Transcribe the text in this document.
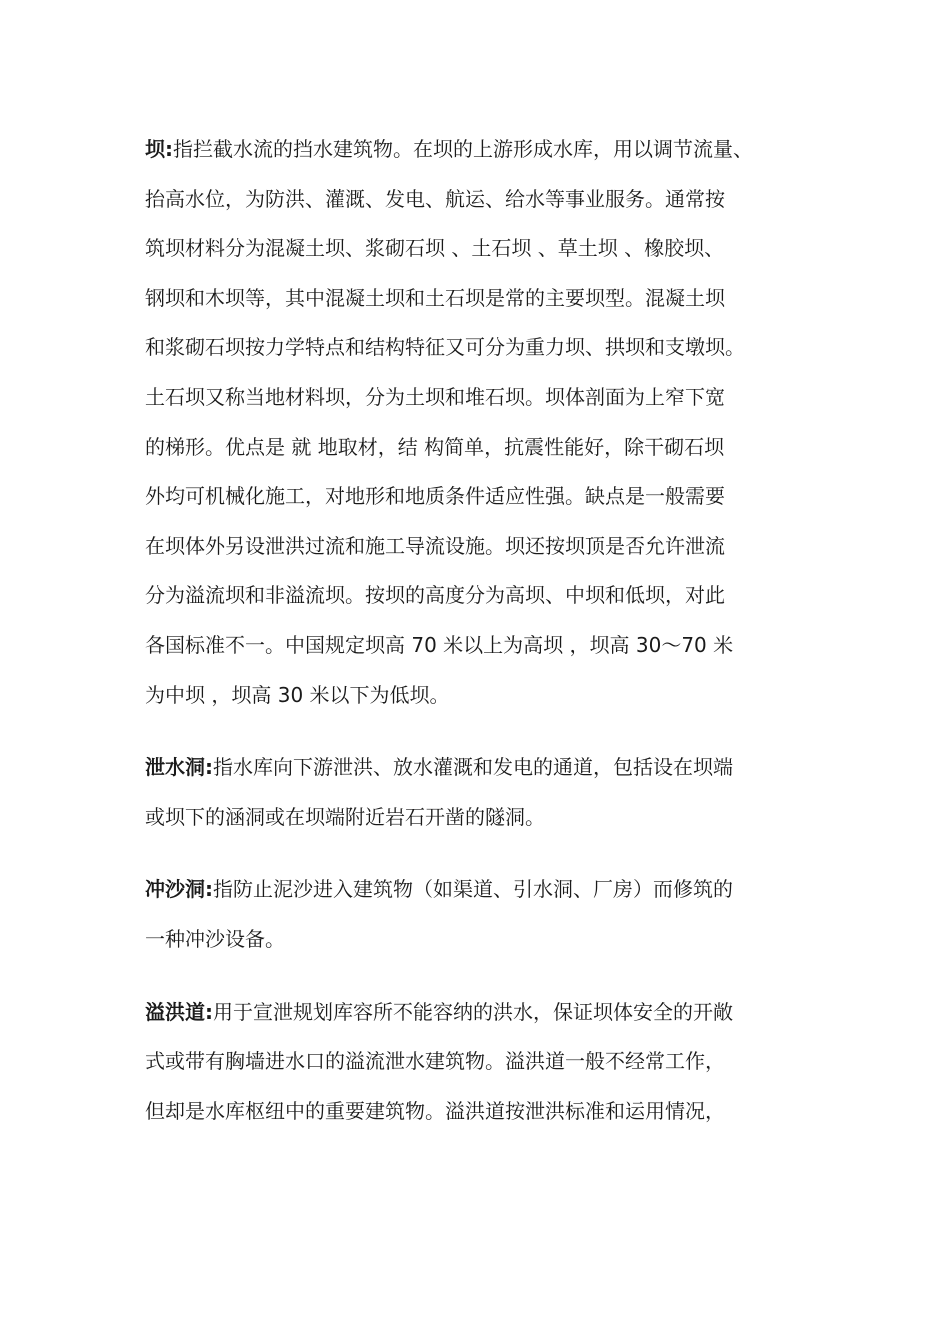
坝:指拦截水流的挡水建筑物。在坝的上游形成水库，用以调节流量、
抬高水位，为防洪、灌溉、发电、航运、给水等事业服务。通常按
筑坝材料分为混凝土坝、浆砌石坝 、土石坝 、草土坝 、橡胶坝、
钢坝和木坝等，其中混凝土坝和土石坝是常的主要坝型。混凝土坝
和浆砌石坝按力学特点和结构特征又可分为重力坝、拱坝和支墩坝。
土石坝又称当地材料坝，分为土坝和堆石坝。坝体剖面为上窄下宽
的梯形。优点是 就 地取材，结 构简单，抗震性能好，除干砌石坝
外均可机械化施工，对地形和地质条件适应性强。缺点是一般需要
在坝体外另设泄洪过流和施工导流设施。坝还按坝顶是否允许泄流
分为溢流坝和非溢流坝。按坝的高度分为高坝、中坝和低坝，对此
各国标准不一。中国规定坝高 70 米以上为高坝 ，坝高 30～70 米
为中坝 ，坝高 30 米以下为低坝。

泄水洞:指水库向下游泄洪、放水灌溉和发电的通道，包括设在坝端
或坝下的涵洞或在坝端附近岩石开凿的隧洞。

冲沙洞:指防止泥沙进入建筑物（如渠道、引水洞、厂房）而修筑的
一种冲沙设备。

溢洪道:用于宣泄规划库容所不能容纳的洪水，保证坝体安全的开敞
式或带有胸墙进水口的溢流泄水建筑物。溢洪道一般不经常工作，
但却是水库枢纽中的重要建筑物。溢洪道按泄洪标准和运用情况，
